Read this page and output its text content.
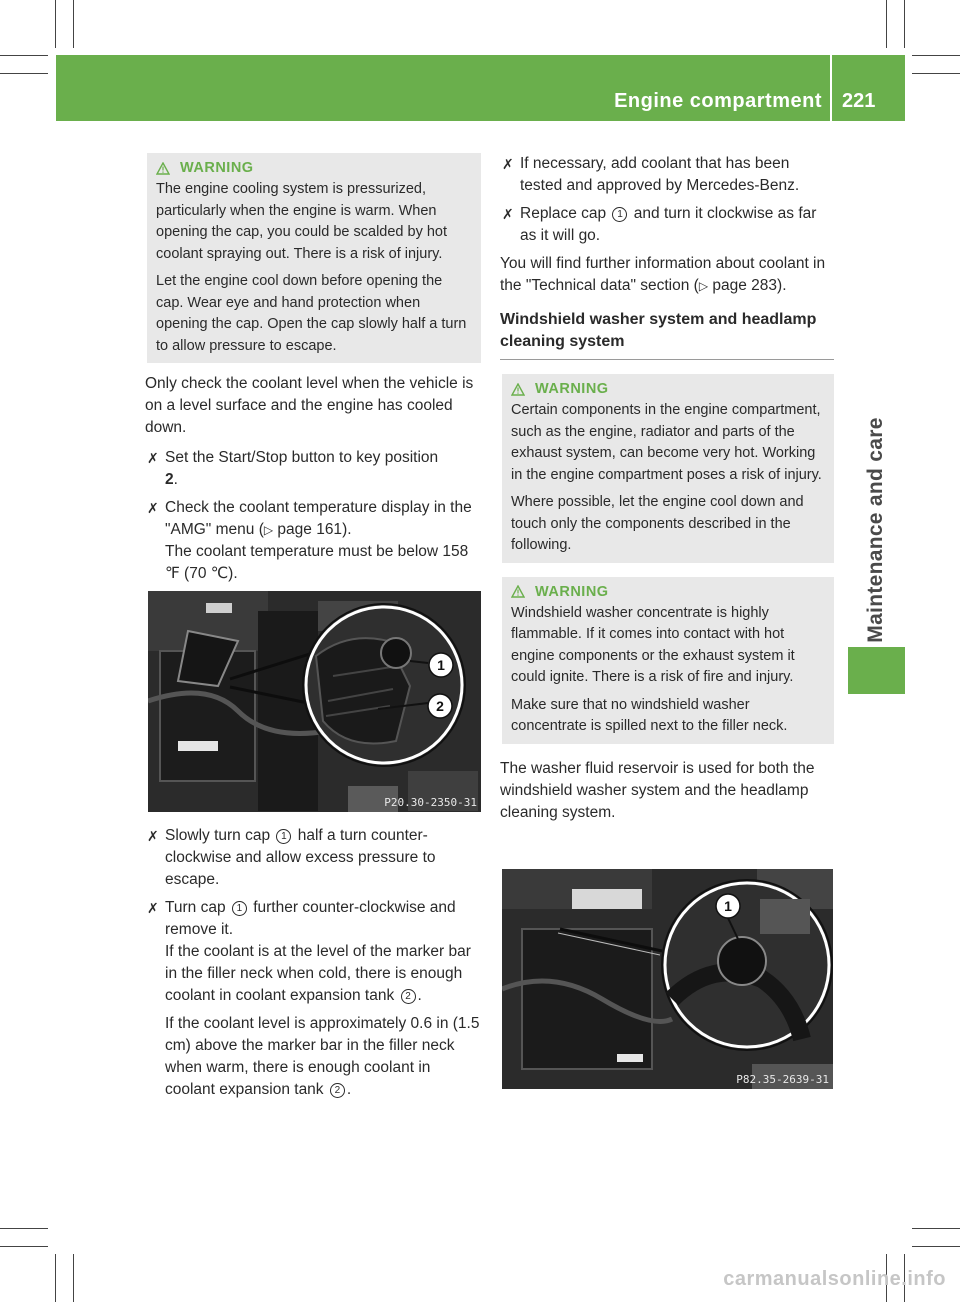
Engine compartment 221
Maintenance and care
WARNING

The engine cooling system is pressurized, particularly when the engine is warm. When opening the cap, you could be scalded by hot coolant spraying out. There is a risk of injury.

Let the engine cool down before opening the cap. Wear eye and hand protection when opening the cap. Open the cap slowly half a turn to allow pressure to escape.

Only check the coolant level when the vehicle is on a level surface and the engine has cooled down.

✗ Set the Start/Stop button to key position
2.
✗ Check the coolant temperature display in the "AMG" menu (▷ page 161).
The coolant temperature must be below 158 ℉ (70 ℃).
1
2
P20.30-2350-31
✗ Slowly turn cap 1 half a turn counter-clockwise and allow excess pressure to escape.
✗ Turn cap 1 further counter-clockwise and remove it.
If the coolant is at the level of the marker bar in the filler neck when cold, there is enough coolant in coolant expansion tank 2 .
If the coolant level is approximately 0.6 in (1.5 cm) above the marker bar in the filler neck when warm, there is enough coolant in coolant expansion tank 2 .
✗ If necessary, add coolant that has been tested and approved by Mercedes-Benz.
✗ Replace cap 1 and turn it clockwise as far as it will go.

You will find further information about coolant in the "Technical data" section (▷ page 283).

Windshield washer system and headlamp cleaning system
WARNING

Certain components in the engine compartment, such as the engine, radiator and parts of the exhaust system, can become very hot. Working in the engine compartment poses a risk of injury.

Where possible, let the engine cool down and touch only the components described in the following.

WARNING

Windshield washer concentrate is highly flammable. If it comes into contact with hot engine components or the exhaust system it could ignite. There is a risk of fire and injury.

Make sure that no windshield washer concentrate is spilled next to the filler neck.

The washer fluid reservoir is used for both the windshield washer system and the headlamp cleaning system.

1
P82.35-2639-31
carmanualsonline.info
